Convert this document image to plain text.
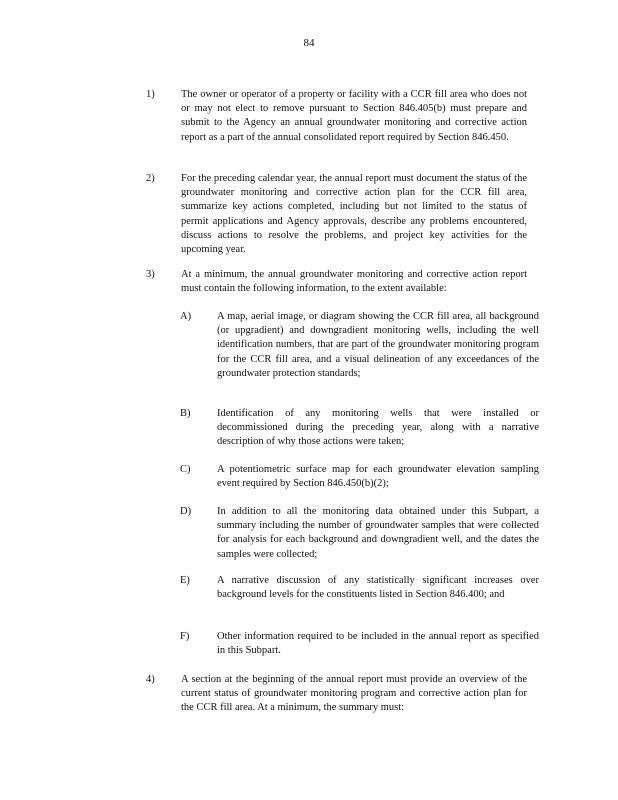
84
1)	The owner or operator of a property or facility with a CCR fill area who does not or may not elect to remove pursuant to Section 846.405(b) must prepare and submit to the Agency an annual groundwater monitoring and corrective action report as a part of the annual consolidated report required by Section 846.450.
2)	For the preceding calendar year, the annual report must document the status of the groundwater monitoring and corrective action plan for the CCR fill area, summarize key actions completed, including but not limited to the status of permit applications and Agency approvals, describe any problems encountered, discuss actions to resolve the problems, and project key activities for the upcoming year.
3)	At a minimum, the annual groundwater monitoring and corrective action report must contain the following information, to the extent available:
A) A map, aerial image, or diagram showing the CCR fill area, all background (or upgradient) and downgradient monitoring wells, including the well identification numbers, that are part of the groundwater monitoring program for the CCR fill area, and a visual delineation of any exceedances of the groundwater protection standards;
B)	Identification of any monitoring wells that were installed or decommissioned during the preceding year, along with a narrative description of why those actions were taken;
C)	A potentiometric surface map for each groundwater elevation sampling event required by Section 846.450(b)(2);
D) In addition to all the monitoring data obtained under this Subpart, a summary including the number of groundwater samples that were collected for analysis for each background and downgradient well, and the dates the samples were collected;
E)	A narrative discussion of any statistically significant increases over background levels for the constituents listed in Section 846.400; and
F)	Other information required to be included in the annual report as specified in this Subpart.
4)	A section at the beginning of the annual report must provide an overview of the current status of groundwater monitoring program and corrective action plan for the CCR fill area. At a minimum, the summary must:
